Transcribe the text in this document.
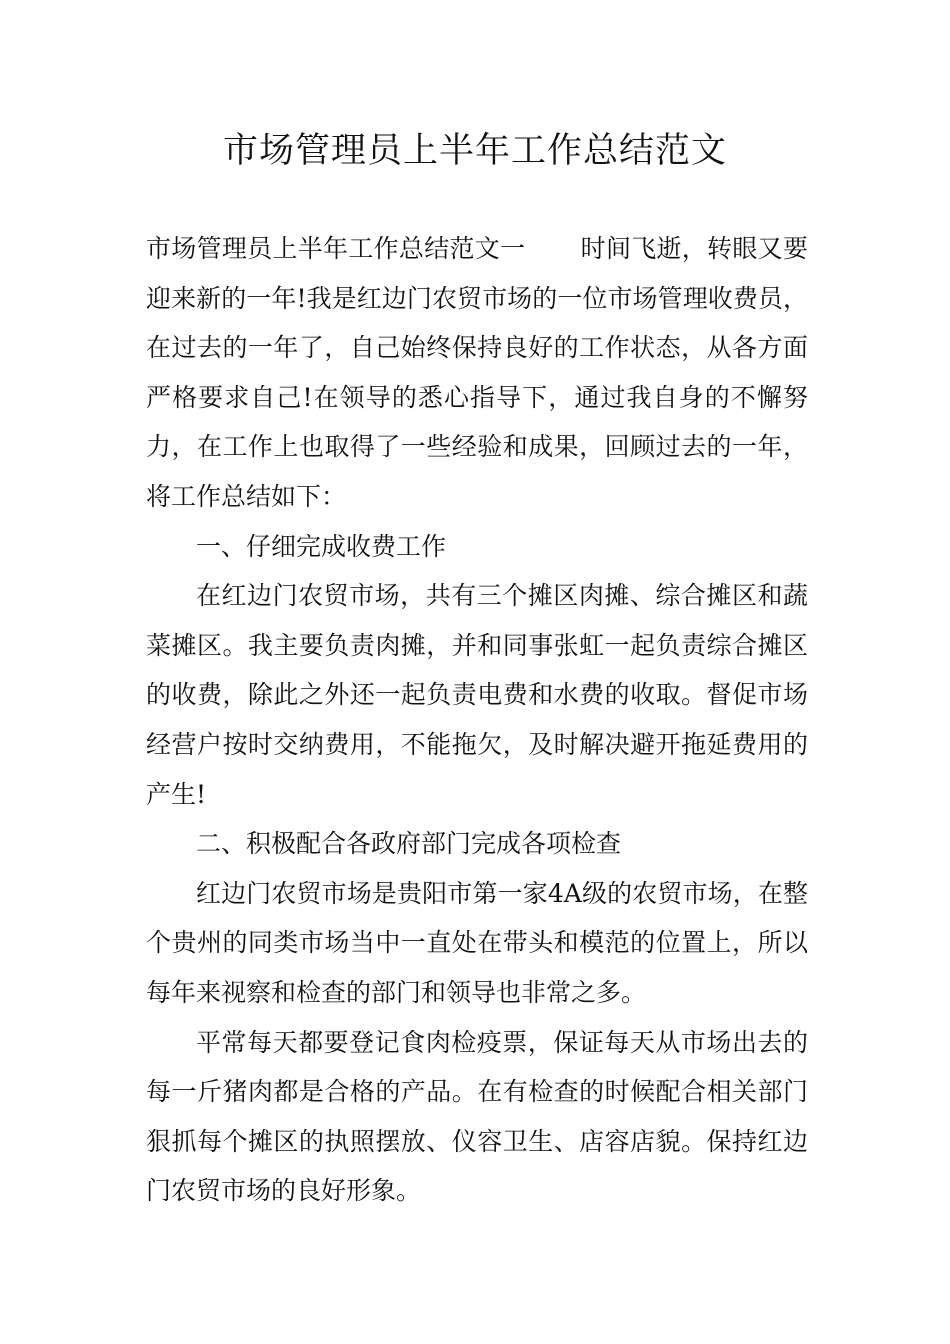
市场管理员上半年工作总结范文

市场管理员上半年工作总结范文一 时间飞逝，转眼又要迎来新的一年!我是红边门农贸市场的一位市场管理收费员，在过去的一年了，自己始终保持良好的工作状态，从各方面严格要求自己!在领导的悉心指导下，通过我自身的不懈努力，在工作上也取得了一些经验和成果，回顾过去的一年，将工作总结如下：

一、仔细完成收费工作

在红边门农贸市场，共有三个摊区肉摊、综合摊区和蔬菜摊区。我主要负责肉摊，并和同事张虹一起负责综合摊区的收费，除此之外还一起负责电费和水费的收取。督促市场经营户按时交纳费用，不能拖欠，及时解决避开拖延费用的产生!

二、积极配合各政府部门完成各项检查

红边门农贸市场是贵阳市第一家4A级的农贸市场，在整个贵州的同类市场当中一直处在带头和模范的位置上，所以每年来视察和检查的部门和领导也非常之多。

平常每天都要登记食肉检疫票，保证每天从市场出去的每一斤猪肉都是合格的产品。在有检查的时候配合相关部门狠抓每个摊区的执照摆放、仪容卫生、店容店貌。保持红边门农贸市场的良好形象。
